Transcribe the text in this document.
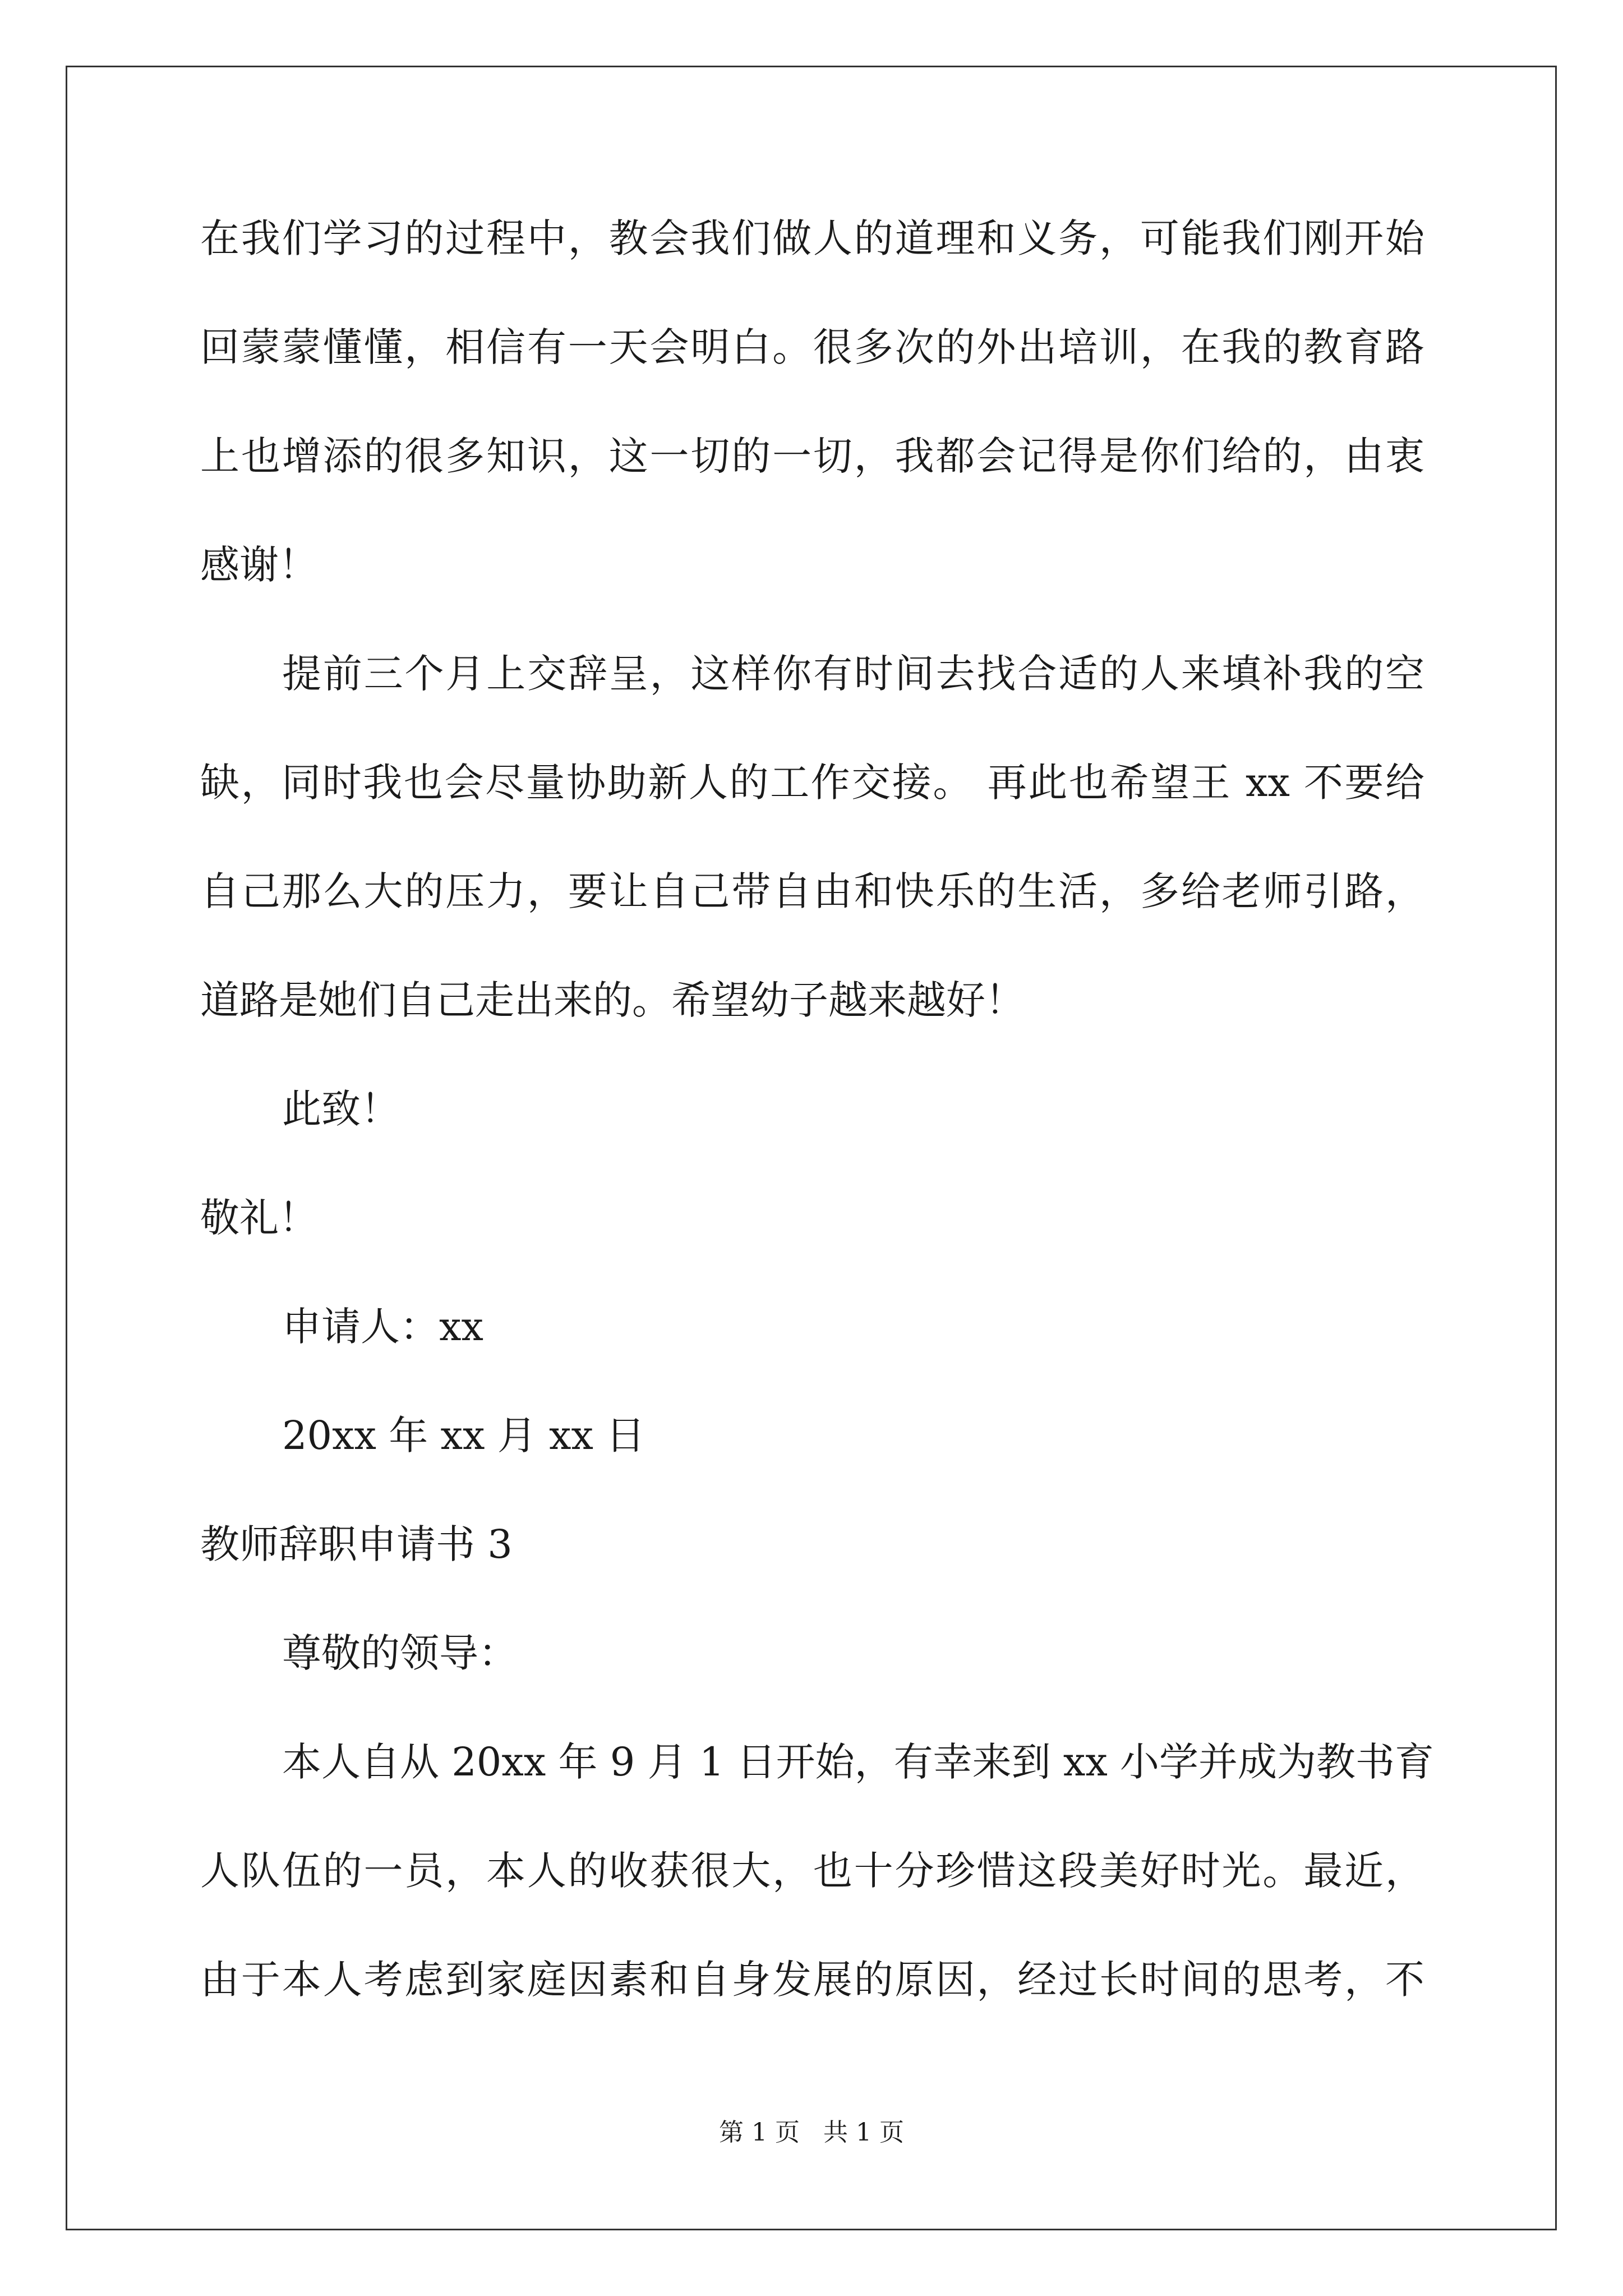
在我们学习的过程中，教会我们做人的道理和义务，可能我们刚开始
回蒙蒙懂懂，相信有一天会明白。很多次的外出培训，在我的教育路
上也增添的很多知识，这一切的一切，我都会记得是你们给的，由衷
感谢！
提前三个月上交辞呈，这样你有时间去找合适的人来填补我的空
缺，同时我也会尽量协助新人的工作交接。 再此也希望王 xx 不要给
自己那么大的压力，要让自己带自由和快乐的生活，多给老师引路，
道路是她们自己走出来的。希望幼子越来越好！
此致！
敬礼！
申请人：xx
20xx 年 xx 月 xx 日
教师辞职申请书 3
尊敬的领导：
本人自从 20xx 年 9 月 1 日开始，有幸来到 xx 小学并成为教书育
人队伍的一员，本人的收获很大，也十分珍惜这段美好时光。最近，
由于本人考虑到家庭因素和自身发展的原因，经过长时间的思考，不
第 1 页   共 1 页
